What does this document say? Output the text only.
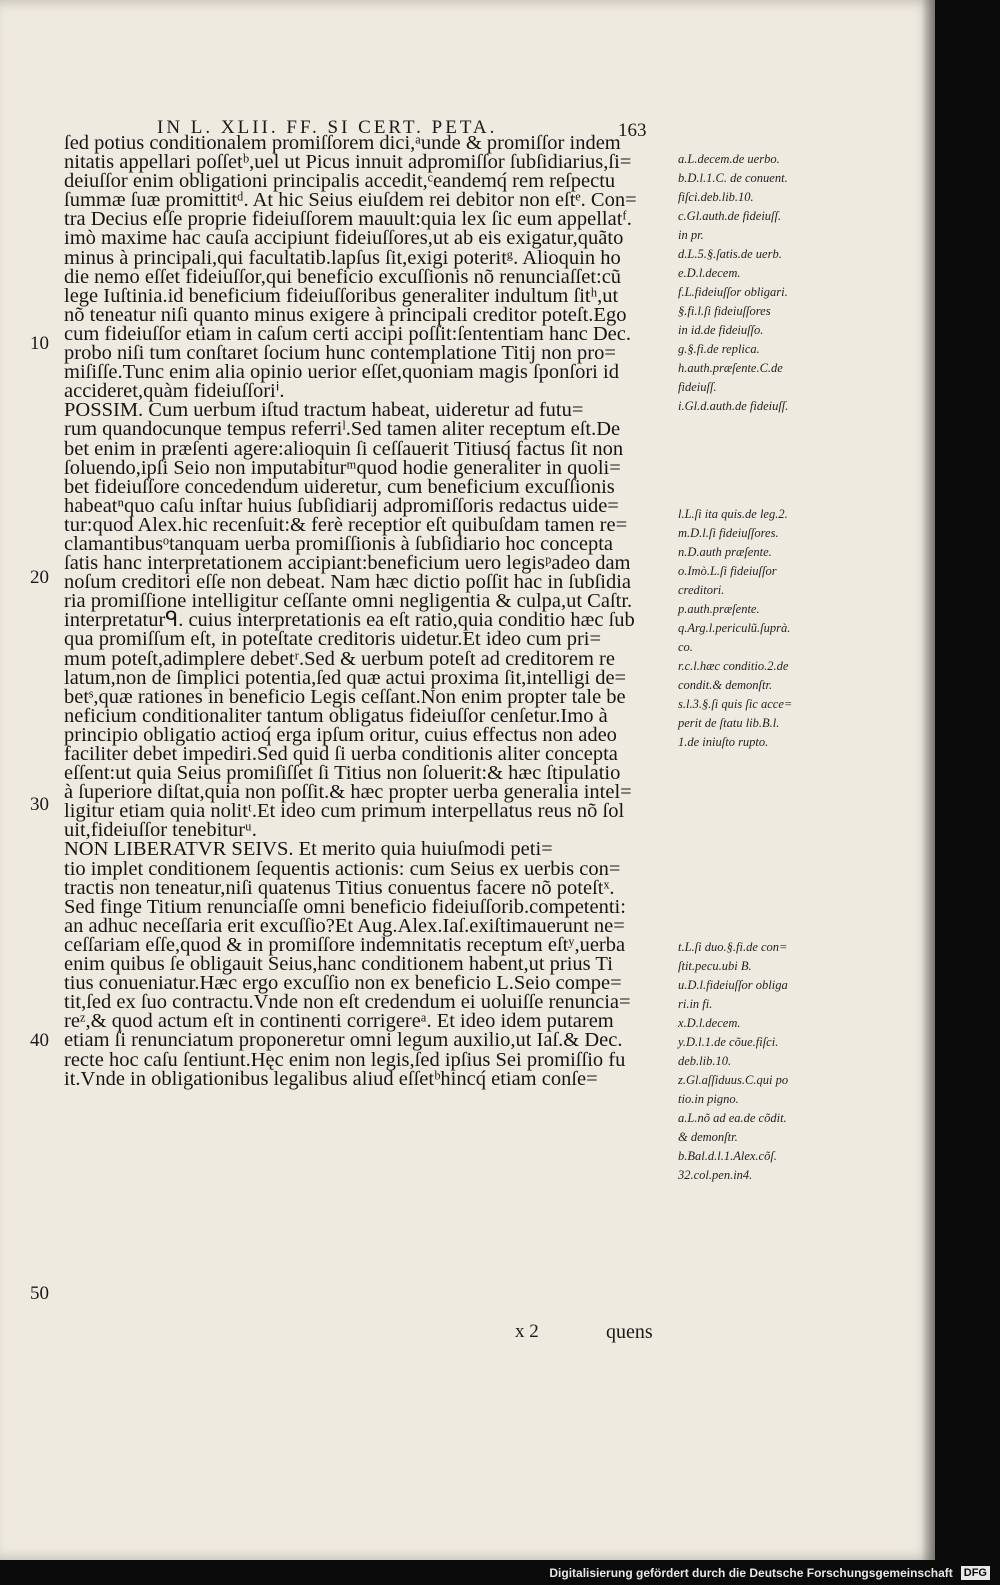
IN L. XLII. FF. SI CERT. PETA.	163
10
20
30
40
50
ſed potius conditionalem promiſſorem dici,ᵃunde & promiſſor indem
nitatis appellari poſſetᵇ,uel ut Picus innuit adpromiſſor ſubſidiarius,ſi=
deiuſſor enim obligationi principalis accedit,ᶜeandemq́ rem reſpectu
ſummæ ſuæ promittitᵈ. At hic Seius eiuſdem rei debitor non eſtᵉ. Con=
tra Decius eſſe proprie fideiuſſorem mauult:quia lex ſic eum appellatᶠ.
imò maxime hac cauſa accipiunt fideiuſſores,ut ab eis exigatur,quãto
minus à principali,qui facultatib.lapſus ſit,exigi poteritᵍ. Alioquin ho
die nemo eſſet fideiuſſor,qui beneficio excuſſionis nõ renunciaſſet:cũ
lege Iuſtinia.id beneficium fideiuſſoribus generaliter indultum ſitʰ,ut
nõ teneatur niſi quanto minus exigere à principali creditor poteſt.Ego
cum fideiuſſor etiam in caſum certi accipi poſſit:ſententiam hanc Dec.
probo niſi tum conſtaret ſocium hunc contemplatione Titij non pro=
miſiſſe.Tunc enim alia opinio uerior eſſet,quoniam magis ſponſori id
accideret,quàm fideiuſſoriⁱ.
POSSIM. Cum uerbum iſtud tractum habeat, uideretur ad futu=
rum quandocunque tempus referriˡ.Sed tamen aliter receptum eſt.De
bet enim in præſenti agere:alioquin ſi ceſſauerit Titiusq́ factus ſit non
ſoluendo,ipſi Seio non imputabiturᵐquod hodie generaliter in quoli=
bet fideiuſſore concedendum uideretur, cum beneficium excuſſionis
habeatⁿquo caſu inſtar huius ſubſidiarij adpromiſſoris redactus uide=
tur:quod Alex.hic recenſuit:& ferè receptior eſt quibuſdam tamen re=
clamantibusᵒtanquam uerba promiſſionis à ſubſidiario hoc concepta
ſatis hanc interpretationem accipiant:beneficium uero legisᵖadeo dam
noſum creditori eſſe non debeat. Nam hæc dictio poſſit hac in ſubſidia
ria promiſſione intelligitur ceſſante omni negligentia & culpa,ut Caſtr.
interpretaturᑫ. cuius interpretationis ea eſt ratio,quia conditio hæc ſub
qua promiſſum eſt, in poteſtate creditoris uidetur.Et ideo cum pri=
mum poteſt,adimplere debetʳ.Sed & uerbum poteſt ad creditorem re
latum,non de ſimplici potentia,ſed quæ actui proxima ſit,intelligi de=
betˢ,quæ rationes in beneficio Legis ceſſant.Non enim propter tale be
neficium conditionaliter tantum obligatus fideiuſſor cenſetur.Imo à
principio obligatio actioq́ erga ipſum oritur, cuius effectus non adeo
faciliter debet impediri.Sed quid ſi uerba conditionis aliter concepta
eſſent:ut quia Seius promiſiſſet ſi Titius non ſoluerit:& hæc ſtipulatio
à ſuperiore diſtat,quia non poſſit.& hæc propter uerba generalia intel=
ligitur etiam quia nolitᵗ.Et ideo cum primum interpellatus reus nõ ſol
uit,fideiuſſor tenebiturᵘ.
NON LIBERATVR SEIVS. Et merito quia huiuſmodi peti=
tio implet conditionem ſequentis actionis: cum Seius ex uerbis con=
tractis non teneatur,niſi quatenus Titius conuentus facere nõ poteſtˣ.
Sed finge Titium renunciaſſe omni beneficio fideiuſſorib.competenti:
an adhuc neceſſaria erit excuſſio?Et Aug.Alex.Iaſ.exiſtimauerunt ne=
ceſſariam eſſe,quod & in promiſſore indemnitatis receptum eſtʸ,uerba
enim quibus ſe obligauit Seius,hanc conditionem habent,ut prius Ti
tius conueniatur.Hæc ergo excuſſio non ex beneficio L.Seio compe=
tit,ſed ex ſuo contractu.Vnde non eſt credendum ei uoluiſſe renuncia=
reᶻ,& quod actum eſt in continenti corrigereᵃ. Et ideo idem putarem
etiam ſi renunciatum proponeretur omni legum auxilio,ut Iaſ.& Dec.
recte hoc caſu ſentiunt.Hęc enim non legis,ſed ipſius Sei promiſſio fu
it.Vnde in obligationibus legalibus aliud eſſetᵇhincq́ etiam conſe=
a.L.decem.de uerbo.
b.D.l.1.C. de conuent.
fiſci.deb.lib.10.
c.Gl.auth.de fideiuſſ.
in pr.
d.L.5.§.ſatis.de uerb.
e.D.l.decem.
f.L.fideiuſſor obligari.
§.fi.l.ſi fideiuſſores
in id.de fideiuſſo.
g.§.fi.de replica.
h.auth.præſente.C.de
fideiuſſ.
i.Gl.d.auth.de fideiuſſ.
l.L.ſi ita quis.de leg.2.
m.D.l.ſi fideiuſſores.
n.D.auth præſente.
o.Imò.L.ſi fideiuſſor
creditori.
p.auth.præſente.
q.Arg.l.periculũ.ſuprà.
co.
r.c.l.hæc conditio.2.de
condit.& demonſtr.
s.l.3.§.ſi quis ſic acce=
perit de ſtatu lib.B.l.
1.de iniuſto rupto.
t.L.ſi duo.§.fi.de con=
ſtit.pecu.ubi B.
u.D.l.fideiuſſor obliga
ri.in fi.
x.D.l.decem.
y.D.l.1.de cõue.fiſci.
deb.lib.10.
z.Gl.aſſiduus.C.qui po
tio.in pigno.
a.L.nõ ad ea.de cõdit.
& demonſtr.
b.Bal.d.l.1.Alex.cõſ.
32.col.pen.in4.
x 2	quens
Digitalisierung gefördert durch die Deutsche Forschungsgemeinschaft DFG
